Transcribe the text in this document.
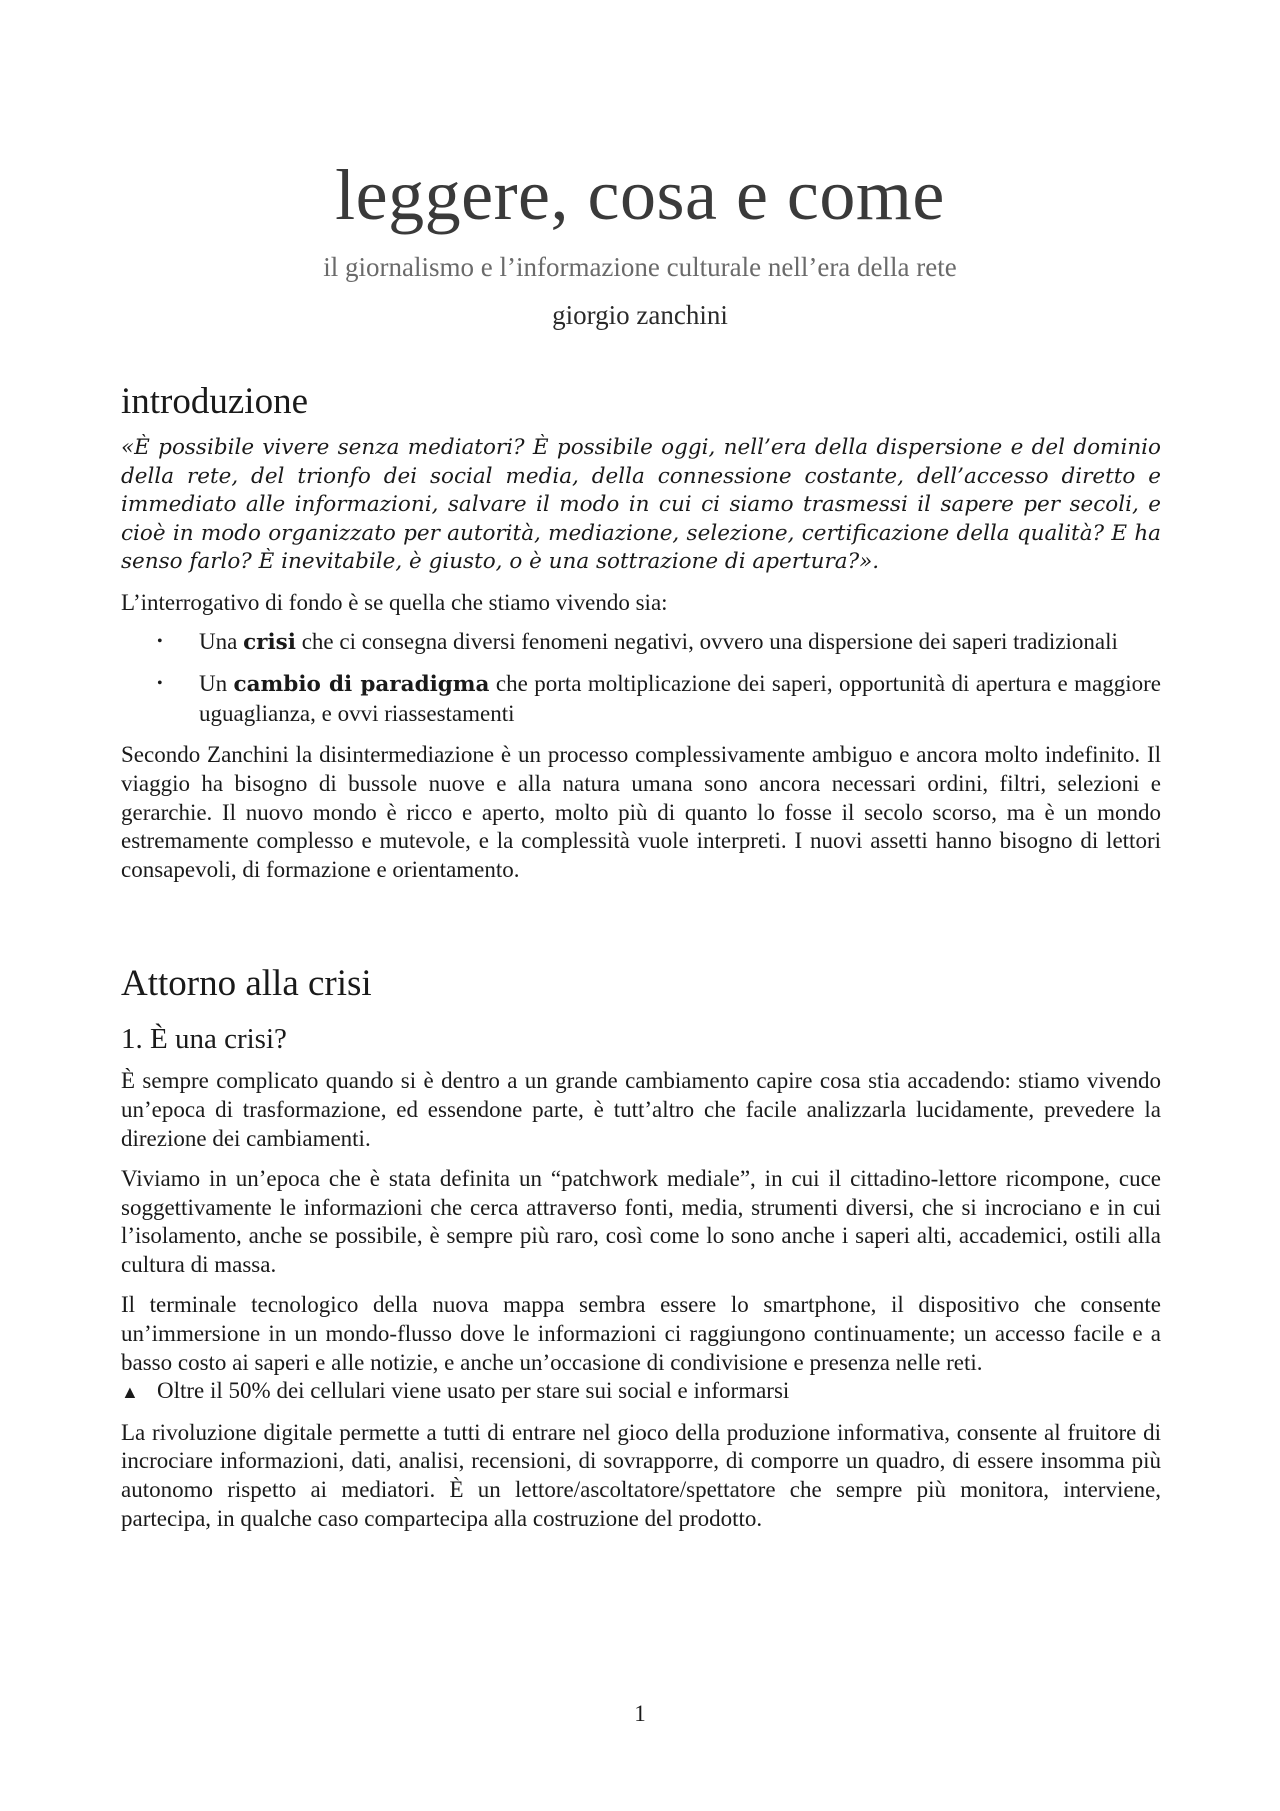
leggere, cosa e come
il giornalismo e l’informazione culturale nell’era della rete
giorgio zanchini
introduzione

«È possibile vivere senza mediatori? È possibile oggi, nell’era della dispersione e del dominio della rete, del trionfo dei social media, della connessione costante, dell’accesso diretto e immediato alle informazioni, salvare il modo in cui ci siamo trasmessi il sapere per secoli, e cioè in modo organizzato per autorità, mediazione, selezione, certificazione della qualità? E ha senso farlo? È inevitabile, è giusto, o è una sottrazione di apertura?».

L’interrogativo di fondo è se quella che stiamo vivendo sia:

• Una crisi che ci consegna diversi fenomeni negativi, ovvero una dispersione dei saperi tradizionali
• Un cambio di paradigma che porta moltiplicazione dei saperi, opportunità di apertura e maggiore uguaglianza, e ovvi riassestamenti

Secondo Zanchini la disintermediazione è un processo complessivamente ambiguo e ancora molto indefinito. Il viaggio ha bisogno di bussole nuove e alla natura umana sono ancora necessari ordini, filtri, selezioni e gerarchie. Il nuovo mondo è ricco e aperto, molto più di quanto lo fosse il secolo scorso, ma è un mondo estremamente complesso e mutevole, e la complessità vuole interpreti. I nuovi assetti hanno bisogno di lettori consapevoli, di formazione e orientamento.

Attorno alla crisi
1. È una crisi?

È sempre complicato quando si è dentro a un grande cambiamento capire cosa stia accadendo: stiamo vivendo un’epoca di trasformazione, ed essendone parte, è tutt’altro che facile analizzarla lucidamente, prevedere la direzione dei cambiamenti.

Viviamo in un’epoca che è stata definita un “patchwork mediale”, in cui il cittadino-lettore ricompone, cuce soggettivamente le informazioni che cerca attraverso fonti, media, strumenti diversi, che si incrociano e in cui l’isolamento, anche se possibile, è sempre più raro, così come lo sono anche i saperi alti, accademici, ostili alla cultura di massa.

Il terminale tecnologico della nuova mappa sembra essere lo smartphone, il dispositivo che consente un’immersione in un mondo-flusso dove le informazioni ci raggiungono continuamente; un accesso facile e a basso costo ai saperi e alle notizie, e anche un’occasione di condivisione e presenza nelle reti.

▲ Oltre il 50% dei cellulari viene usato per stare sui social e informarsi

La rivoluzione digitale permette a tutti di entrare nel gioco della produzione informativa, consente al fruitore di incrociare informazioni, dati, analisi, recensioni, di sovrapporre, di comporre un quadro, di essere insomma più autonomo rispetto ai mediatori. È un lettore/ascoltatore/spettatore che sempre più monitora, interviene, partecipa, in qualche caso compartecipa alla costruzione del prodotto.

1
